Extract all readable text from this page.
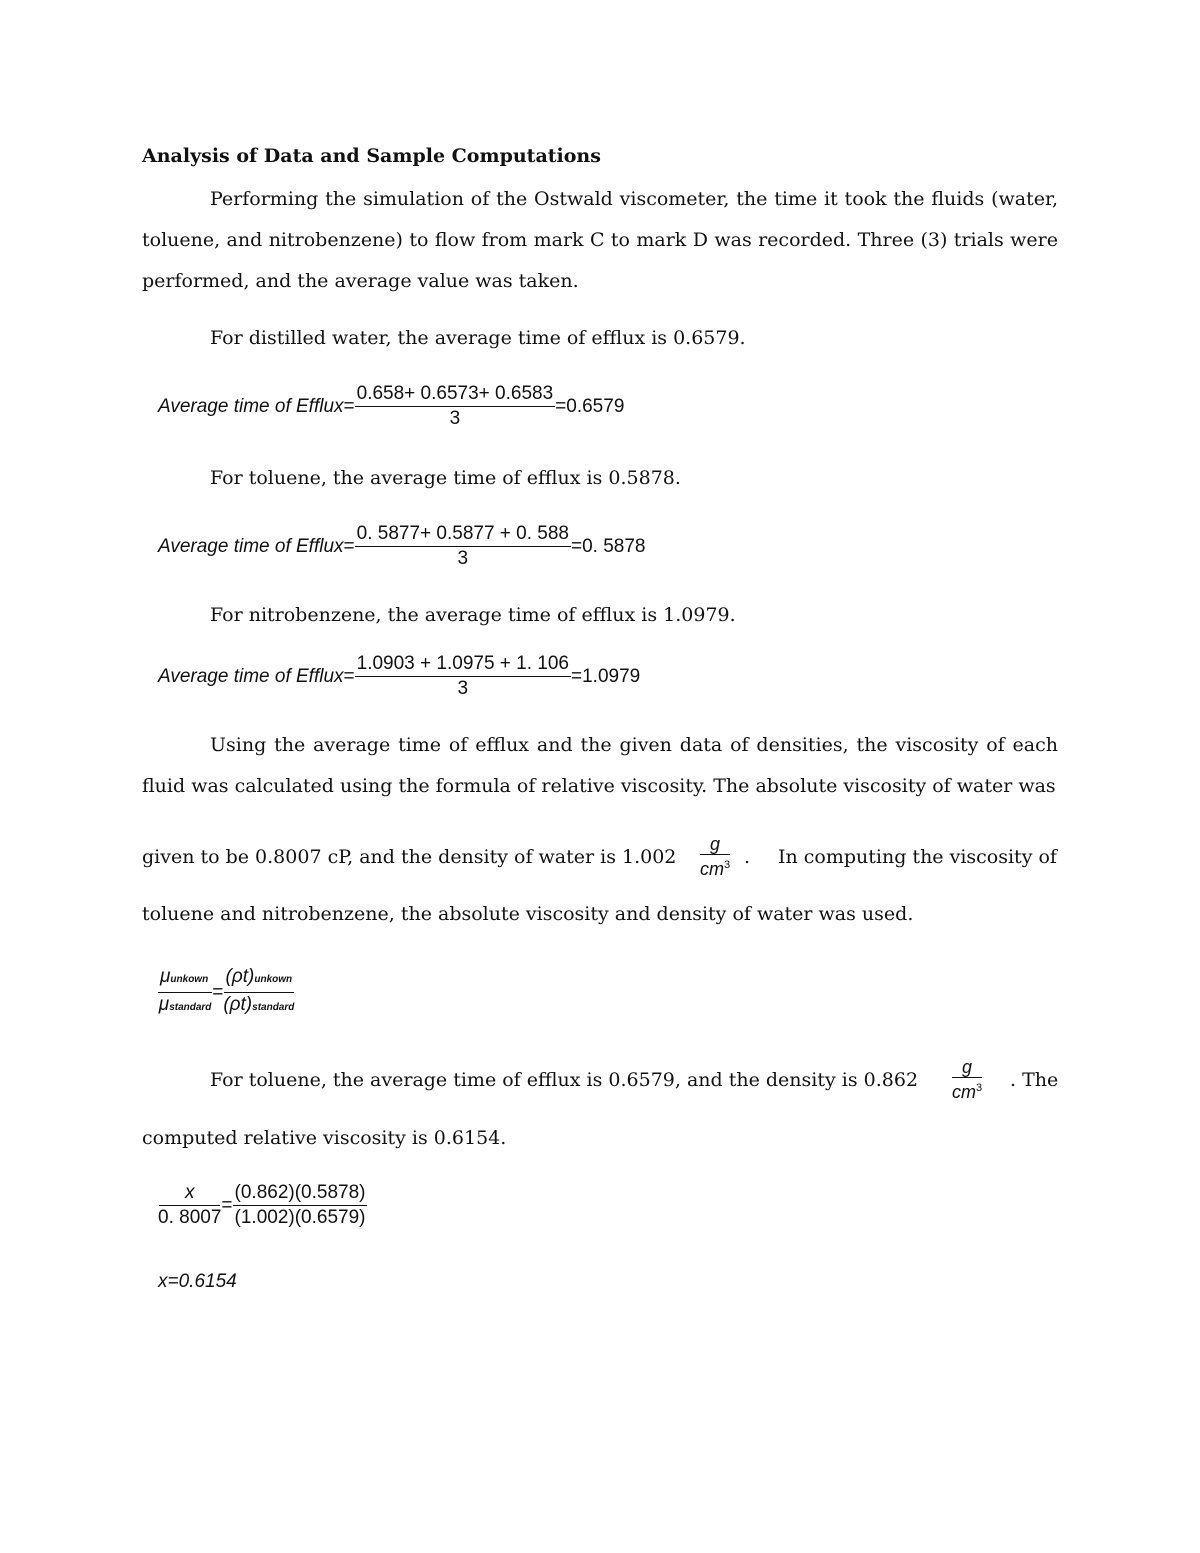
Analysis of Data and Sample Computations
Performing the simulation of the Ostwald viscometer, the time it took the fluids (water, toluene, and nitrobenzene) to flow from mark C to mark D was recorded. Three (3) trials were performed, and the average value was taken.
For distilled water, the average time of efflux is 0.6579.
Average time of Efflux = $\frac{0.658+ 0.6573+ 0.6583}{3} =0.6579$
For toluene, the average time of efflux is 0.5878.
Average time of Efflux = $\frac{0. 5877+ 0.5877 + 0. 588}{3} =0$. 5878
For nitrobenzene, the average time of efflux is 1.0979.
Average time of Efflux = $\frac{1.0903 + 1.0975 + 1. 106}{3} =1.0979$
Using the average time of efflux and the given data of densities, the viscosity of each fluid was calculated using the formula of relative viscosity. The absolute viscosity of water was
given to be 0.8007 cP, and the density of water is $1.002 \frac{g}{cm^3}$ . In computing the viscosity of
toluene and nitrobenzene, the absolute viscosity and density of water was used.
$\frac{\text{μunkown}}{\text{μstandard}} = \frac{\text{(ρt)unkown}}{\text{(ρt)standard}}$
For toluene, the average time of efflux is 0.6579, and the density is $0.862 \frac{g}{cm^3}$ . The
computed relative viscosity is 0.6154.
$\frac{x}{0. 8007} = \frac{(0.862)(0.5878)}{(1.002)(0.6579)}$
x=0.6154
